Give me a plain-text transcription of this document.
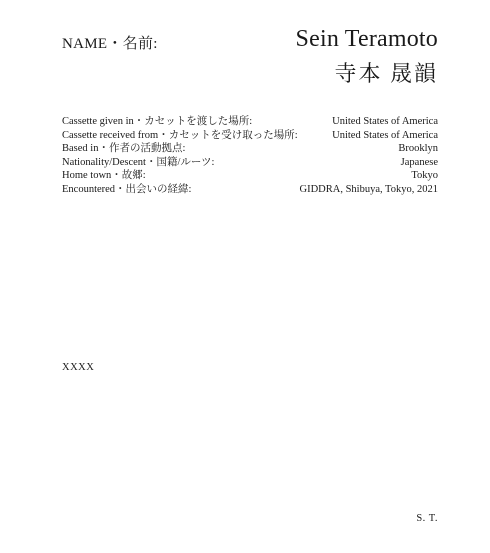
NAME・名前:	Sein Teramoto
寺本 晟韻
Cassette given in・カセットを渡した場所:	United States of America
Cassette received from・カセットを受け取った場所:	United States of America
Based in・作者の活動拠点:	Brooklyn
Nationality/Descent・国籍/ルーツ:	Japanese
Home town・故郷:	Tokyo
Encountered・出会いの経緯:	GIDDRA, Shibuya, Tokyo, 2021
XXXX
S. T.
